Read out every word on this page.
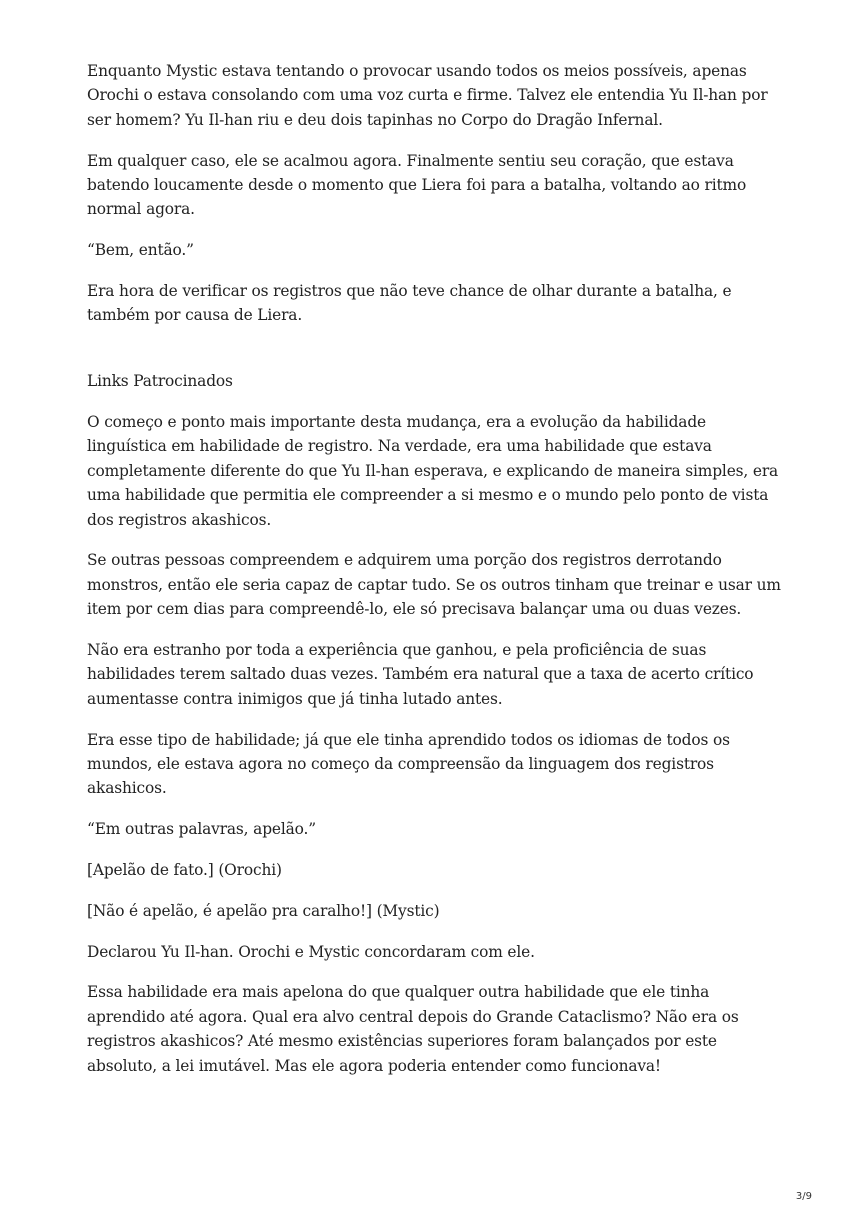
Enquanto Mystic estava tentando o provocar usando todos os meios possíveis, apenas
Orochi o estava consolando com uma voz curta e firme. Talvez ele entendia Yu Il-han por
ser homem? Yu Il-han riu e deu dois tapinhas no Corpo do Dragão Infernal.

Em qualquer caso, ele se acalmou agora. Finalmente sentiu seu coração, que estava
batendo loucamente desde o momento que Liera foi para a batalha, voltando ao ritmo
normal agora.

“Bem, então.”

Era hora de verificar os registros que não teve chance de olhar durante a batalha, e
também por causa de Liera.

Links Patrocinados

O começo e ponto mais importante desta mudança, era a evolução da habilidade
linguística em habilidade de registro. Na verdade, era uma habilidade que estava
completamente diferente do que Yu Il-han esperava, e explicando de maneira simples, era
uma habilidade que permitia ele compreender a si mesmo e o mundo pelo ponto de vista
dos registros akashicos.

Se outras pessoas compreendem e adquirem uma porção dos registros derrotando
monstros, então ele seria capaz de captar tudo. Se os outros tinham que treinar e usar um
item por cem dias para compreendê-lo, ele só precisava balançar uma ou duas vezes.

Não era estranho por toda a experiência que ganhou, e pela proficiência de suas
habilidades terem saltado duas vezes. Também era natural que a taxa de acerto crítico
aumentasse contra inimigos que já tinha lutado antes.

Era esse tipo de habilidade; já que ele tinha aprendido todos os idiomas de todos os
mundos, ele estava agora no começo da compreensão da linguagem dos registros
akashicos.

“Em outras palavras, apelão.”

[Apelão de fato.] (Orochi)

[Não é apelão, é apelão pra caralho!] (Mystic)

Declarou Yu Il-han. Orochi e Mystic concordaram com ele.

Essa habilidade era mais apelona do que qualquer outra habilidade que ele tinha
aprendido até agora. Qual era alvo central depois do Grande Cataclismo? Não era os
registros akashicos? Até mesmo existências superiores foram balançados por este
absoluto, a lei imutável. Mas ele agora poderia entender como funcionava!

3/9
